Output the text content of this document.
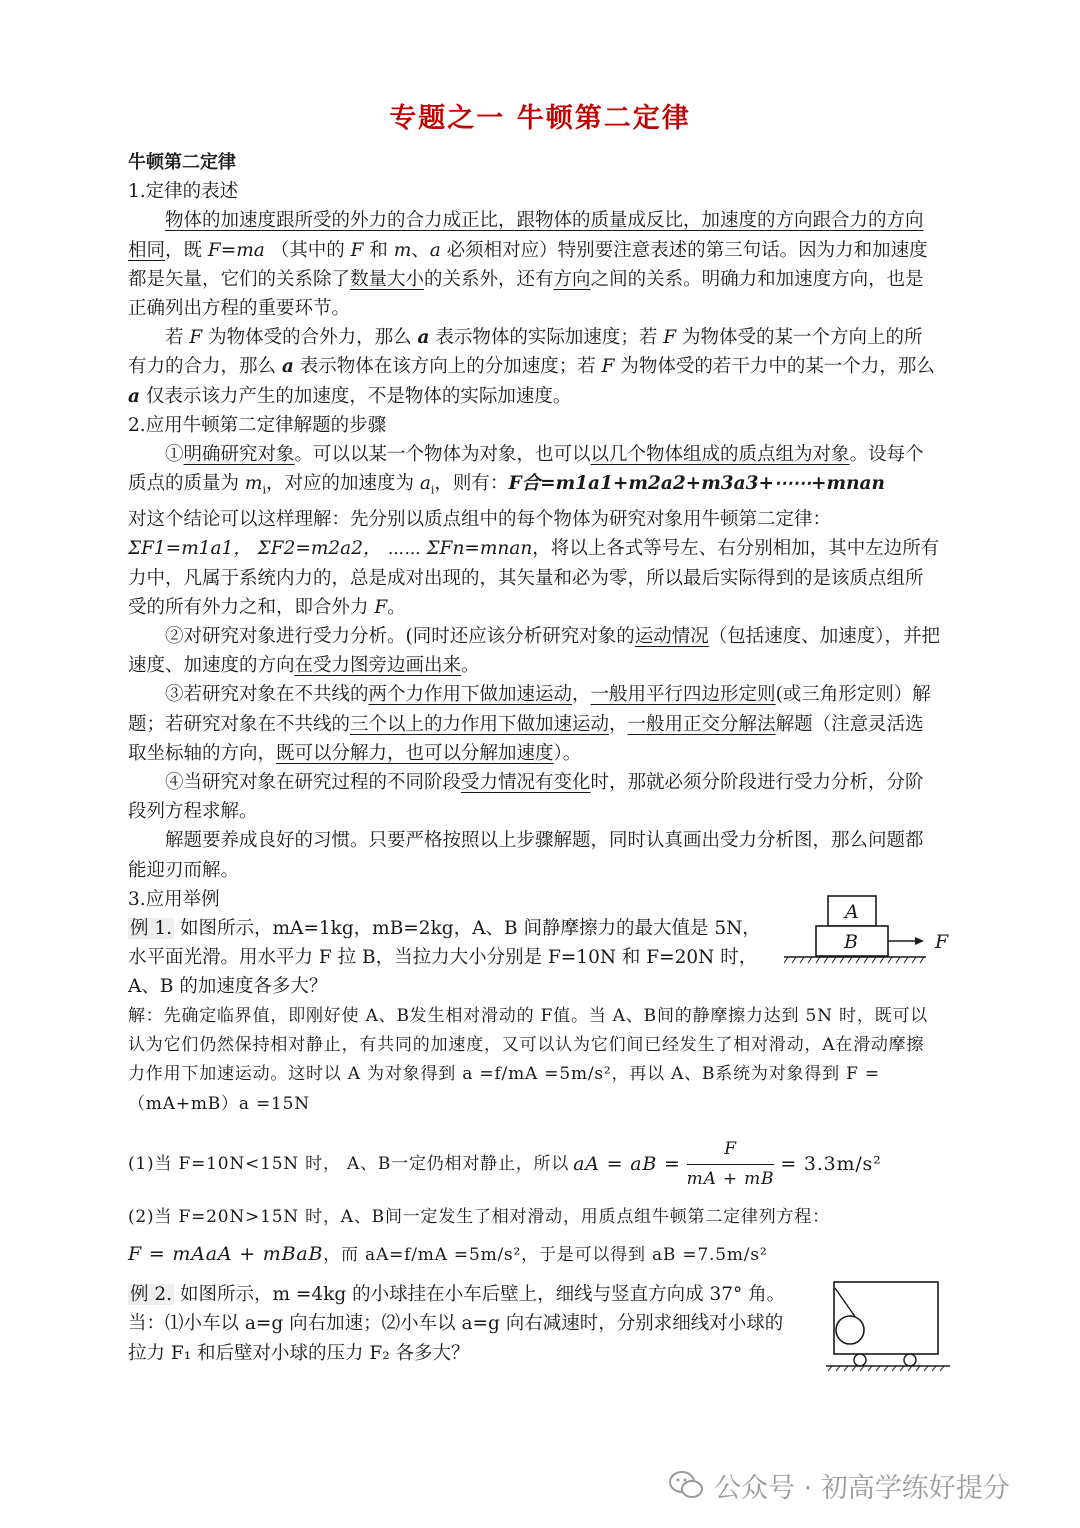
专题之一 牛顿第二定律

牛顿第二定律

1.定律的表述

物体的加速度跟所受的外力的合力成正比，跟物体的质量成反比，加速度的方向跟合力的方向相同，既 F=ma （其中的 F 和 m、a 必须相对应）特别要注意表述的第三句话。因为力和加速度都是矢量，它们的关系除了数量大小的关系外，还有方向之间的关系。明确力和加速度方向，也是正确列出方程的重要环节。

若 F 为物体受的合外力，那么 a 表示物体的实际加速度；若 F 为物体受的某一个方向上的所有力的合力，那么 a 表示物体在该方向上的分加速度；若 F 为物体受的若干力中的某一个力，那么 a 仅表示该力产生的加速度，不是物体的实际加速度。

2.应用牛顿第二定律解题的步骤

①明确研究对象。可以以某一个物体为对象，也可以以几个物体组成的质点组为对象。设每个质点的质量为 $m_i$，对应的加速度为 $a_i$，则有：F合=m1a1+m2a2+m3a3+⋯⋯+mnan

对这个结论可以这样理解：先分别以质点组中的每个物体为研究对象用牛顿第二定律：

ΣF1=m1a1， ΣF2=m2a2， ⋯⋯ ΣFn=mnan，将以上各式等号左、右分别相加，其中左边所有力中，凡属于系统内力的，总是成对出现的，其矢量和必为零，所以最后实际得到的是该质点组所受的所有外力之和，即合外力 F。

②对研究对象进行受力分析。(同时还应该分析研究对象的运动情况（包括速度、加速度），并把速度、加速度的方向在受力图旁边画出来。

③若研究对象在不共线的两个力作用下做加速运动，一般用平行四边形定则(或三角形定则）解题；若研究对象在不共线的三个以上的力作用下做加速运动，一般用正交分解法解题（注意灵活选取坐标轴的方向，既可以分解力，也可以分解加速度）。

④当研究对象在研究过程的不同阶段受力情况有变化时，那就必须分阶段进行受力分析，分阶段列方程求解。

解题要养成良好的习惯。只要严格按照以上步骤解题，同时认真画出受力分析图，那么问题都能迎刃而解。

3.应用举例

例 1. 如图所示，mA=1kg，mB=2kg，A、B 间静摩擦力的最大值是 5N，水平面光滑。用水平力 F 拉 B，当拉力大小分别是 F=10N 和 F=20N 时，A、B 的加速度各多大？

解：先确定临界值，即刚好使 A、B发生相对滑动的 F值。当 A、B间的静摩擦力达到 5N 时，既可以认为它们仍然保持相对静止，有共同的加速度，又可以认为它们间已经发生了相对滑动，A在滑动摩擦力作用下加速运动。这时以 A 为对象得到 a =f/mA =5m/s²，再以 A、B系统为对象得到 F =（mA+mB）a =15N

(1)当 F=10N<15N 时， A、B一定仍相对静止，所以 aA = aB = $\frac{F}{mA + mB} = 3.3m/s^2$

(2)当 F=20N>15N 时，A、B间一定发生了相对滑动，用质点组牛顿第二定律列方程：

F = mAaA + mBaB，而 aA=f/mA =5m/s²，于是可以得到 aB =7.5m/s²

例 2. 如图所示，m =4kg 的小球挂在小车后壁上，细线与竖直方向成 37° 角。当：⑴小车以 a=g 向右加速；⑵小车以 a=g 向右减速时，分别求细线对小球的拉力 F₁ 和后壁对小球的压力 F₂ 各多大？

A
B	F
公众号 · 初高学练好提分
